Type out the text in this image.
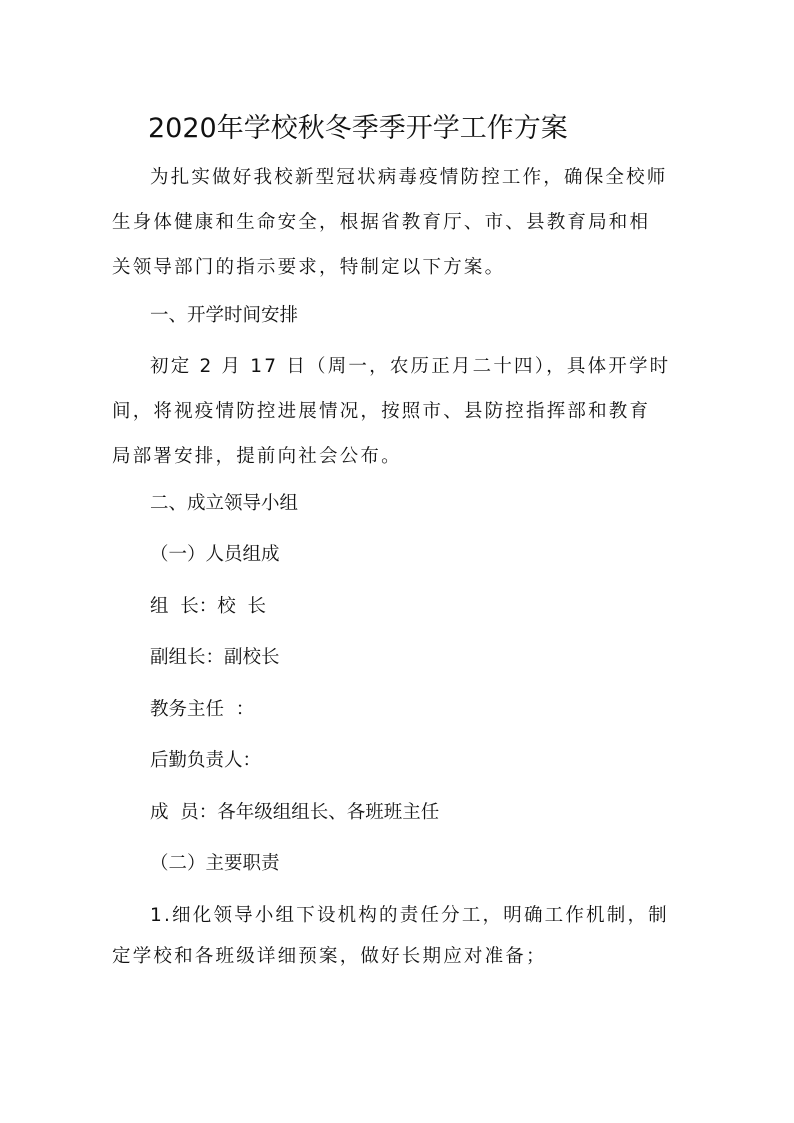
2020年学校秋冬季季开学工作方案
为扎实做好我校新型冠状病毒疫情防控工作，确保全校师
生身体健康和生命安全，根据省教育厅、市、县教育局和相
关领导部门的指示要求，特制定以下方案。
一、开学时间安排
初定 2 月 17 日（周一，农历正月二十四），具体开学时
间，将视疫情防控进展情况，按照市、县防控指挥部和教育
局部署安排，提前向社会公布。
二、成立领导小组
（一）人员组成
组  长：校  长
副组长：副校长
教务主任  ：
后勤负责人：
成  员：各年级组组长、各班班主任
（二）主要职责
1.细化领导小组下设机构的责任分工，明确工作机制，制
定学校和各班级详细预案，做好长期应对准备；
